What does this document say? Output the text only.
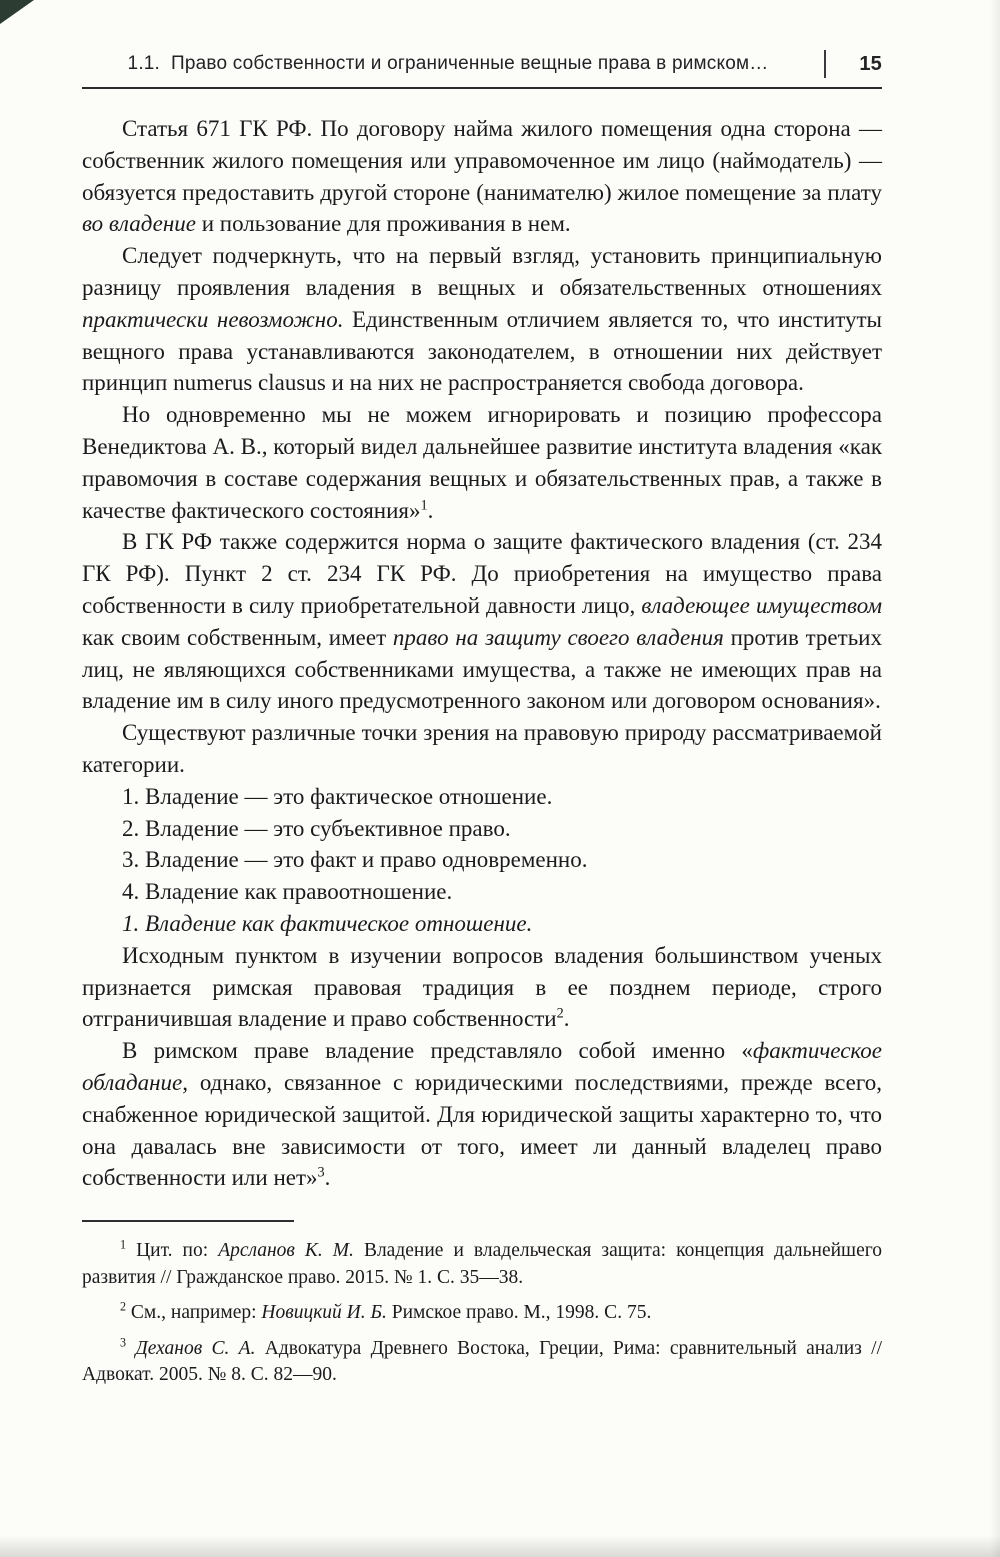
1.1. Право собственности и ограниченные вещные права в римском…	15

Статья 671 ГК РФ. По договору найма жилого помещения одна сторона — собственник жилого помещения или управомоченное им лицо (наймодатель) — обязуется предоставить другой стороне (нанимателю) жилое помещение за плату во владение и пользование для проживания в нем.

Следует подчеркнуть, что на первый взгляд, установить принципиальную разницу проявления владения в вещных и обязательственных отношениях практически невозможно. Единственным отличием является то, что институты вещного права устанавливаются законодателем, в отношении них действует принцип numerus clausus и на них не распространяется свобода договора.

Но одновременно мы не можем игнорировать и позицию профессора Венедиктова А. В., который видел дальнейшее развитие института владения «как правомочия в составе содержания вещных и обязательственных прав, а также в качестве фактического состояния»$^1$.

В ГК РФ также содержится норма о защите фактического владения (ст. 234 ГК РФ). Пункт 2 ст. 234 ГК РФ. До приобретения на имущество права собственности в силу приобретательной давности лицо, владеющее имуществом как своим собственным, имеет право на защиту своего владения против третьих лиц, не являющихся собственниками имущества, а также не имеющих прав на владение им в силу иного предусмотренного законом или договором основания».

Существуют различные точки зрения на правовую природу рассматриваемой категории.

1. Владение — это фактическое отношение.

2. Владение — это субъективное право.

3. Владение — это факт и право одновременно.

4. Владение как правоотношение.

1. Владение как фактическое отношение.

Исходным пунктом в изучении вопросов владения большинством ученых признается римская правовая традиция в ее позднем периоде, строго отграничившая владение и право собственности$^2$.

В римском праве владение представляло собой именно «фактическое обладание, однако, связанное с юридическими последствиями, прежде всего, снабженное юридической защитой. Для юридической защиты характерно то, что она давалась вне зависимости от того, имеет ли данный владелец право собственности или нет»$^3$.

$^1$ Цит. по: Арсланов К. М. Владение и владельческая защита: концепция дальнейшего развития // Гражданское право. 2015. № 1. С. 35—38.

$^2$ См., например: Новицкий И. Б. Римское право. М., 1998. С. 75.

$^3$ Деханов С. А. Адвокатура Древнего Востока, Греции, Рима: сравнительный анализ // Адвокат. 2005. № 8. С. 82—90.
